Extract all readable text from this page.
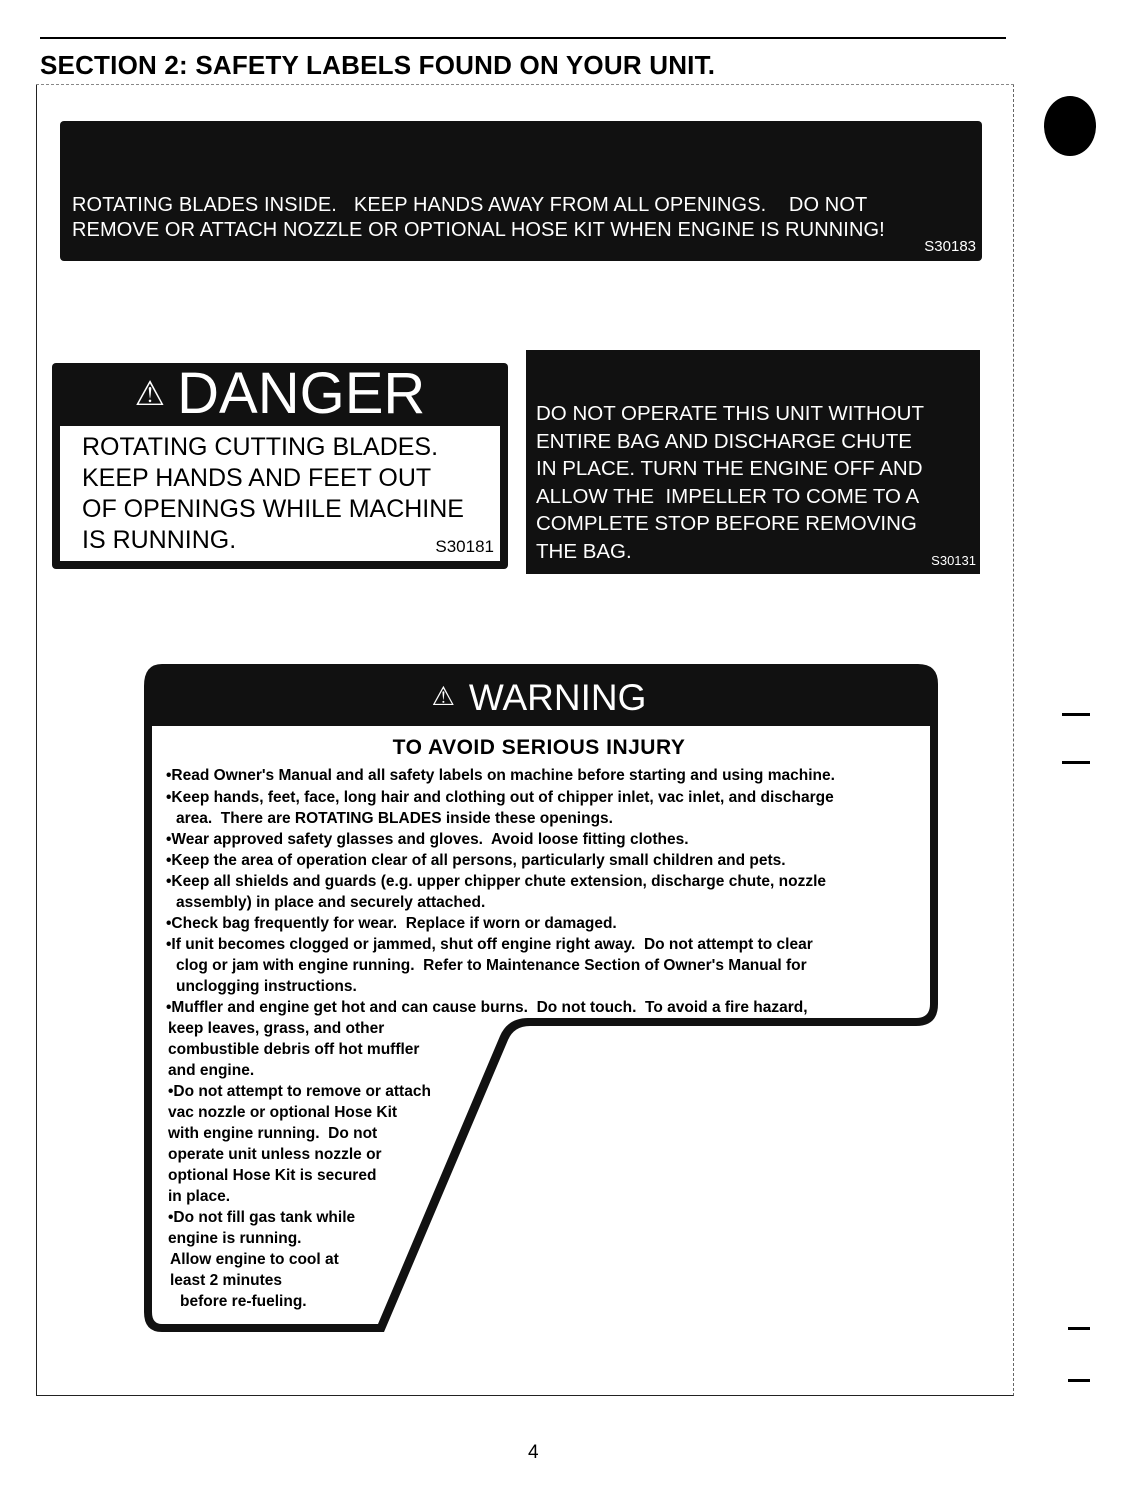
SECTION 2: SAFETY LABELS FOUND ON YOUR UNIT.
ROTATING BLADES INSIDE.   KEEP HANDS AWAY FROM ALL OPENINGS.    DO NOT
REMOVE OR ATTACH NOZZLE OR OPTIONAL HOSE KIT WHEN ENGINE IS RUNNING!
S30183
⚠ DANGER
ROTATING CUTTING BLADES.
KEEP HANDS AND FEET OUT
OF OPENINGS WHILE MACHINE
IS RUNNING.	S30181
DO NOT OPERATE THIS UNIT WITHOUT
ENTIRE BAG AND DISCHARGE CHUTE
IN PLACE. TURN THE ENGINE OFF AND
ALLOW THE  IMPELLER TO COME TO A
COMPLETE STOP BEFORE REMOVING
THE BAG.	S30131
⚠ WARNING
TO AVOID SERIOUS INJURY
•Read Owner's Manual and all safety labels on machine before starting and using machine.
•Keep hands, feet, face, long hair and clothing out of chipper inlet, vac inlet, and discharge
area.  There are ROTATING BLADES inside these openings.
•Wear approved safety glasses and gloves.  Avoid loose fitting clothes.
•Keep the area of operation clear of all persons, particularly small children and pets.
•Keep all shields and guards (e.g. upper chipper chute extension, discharge chute, nozzle
assembly) in place and securely attached.
•Check bag frequently for wear.  Replace if worn or damaged.
•If unit becomes clogged or jammed, shut off engine right away.  Do not attempt to clear
clog or jam with engine running.  Refer to Maintenance Section of Owner's Manual for
unclogging instructions.
•Muffler and engine get hot and can cause burns.  Do not touch.  To avoid a fire hazard,
keep leaves, grass, and other
combustible debris off hot muffler
and engine.
•Do not attempt to remove or attach
vac nozzle or optional Hose Kit
with engine running.  Do not
operate unit unless nozzle or
optional Hose Kit is secured
in place.
•Do not fill gas tank while
engine is running.
Allow engine to cool at
least 2 minutes
before re-fueling.
4
